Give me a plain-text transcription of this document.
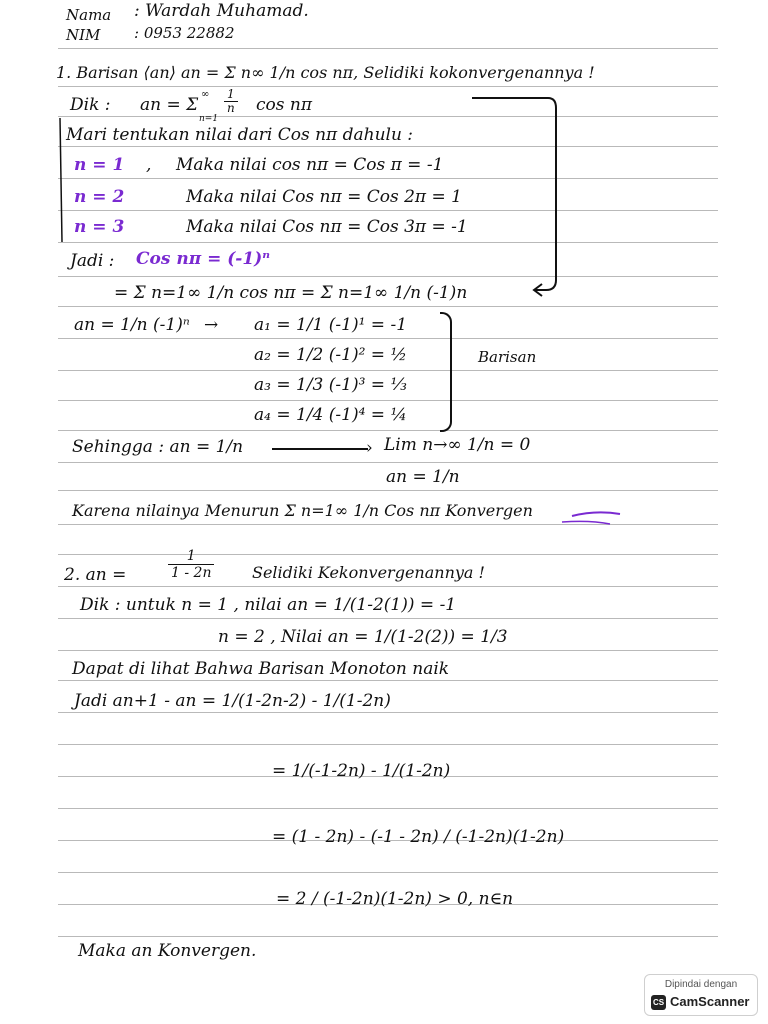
Nama : Wardah Muhamad.
NIM : 0953 22882
1. Barisan ⟨an⟩ an = Σ n∞ 1/n cos nπ, Selidiki kokonvergenannya !
Dik : an = Σ
∞
n=1
$\frac{1}{n}$ cos nπ
Mari tentukan nilai dari Cos nπ dahulu :
n = 1 , Maka nilai cos nπ = Cos π = -1
n = 2	Maka nilai Cos nπ = Cos 2π = 1
n = 3	Maka nilai Cos nπ = Cos 3π = -1
Jadi : Cos nπ = (-1)ⁿ
= Σ n=1∞ 1/n cos nπ = Σ n=1∞ 1/n (-1)n
an = 1/n (-1)ⁿ → a₁ = 1/1 (-1)¹ = -1
a₂ = 1/2 (-1)² = ½
a₃ = 1/3 (-1)³ = ⅓
a₄ = 1/4 (-1)⁴ = ¼
Barisan
Sehingga : an = 1/n	› Lim n→∞ 1/n = 0
an = 1/n
Karena nilainya Menurun Σ n=1∞ 1/n Cos nπ Konvergen
2. an =	$\frac{1}{1 - 2n}$ Selidiki Kekonvergenannya !
Dik : untuk n = 1 , nilai an = 1/(1-2(1)) = -1
n = 2 , Nilai an = 1/(1-2(2)) = 1/3
Dapat di lihat Bahwa Barisan Monoton naik
Jadi an+1 - an = 1/(1-2n-2) - 1/(1-2n)
= 1/(-1-2n) - 1/(1-2n)
= (1 - 2n) - (-1 - 2n) / (-1-2n)(1-2n)
= 2 / (-1-2n)(1-2n) > 0, n∈n
Maka an Konvergen.
Dipindai dengan
CS CamScanner
